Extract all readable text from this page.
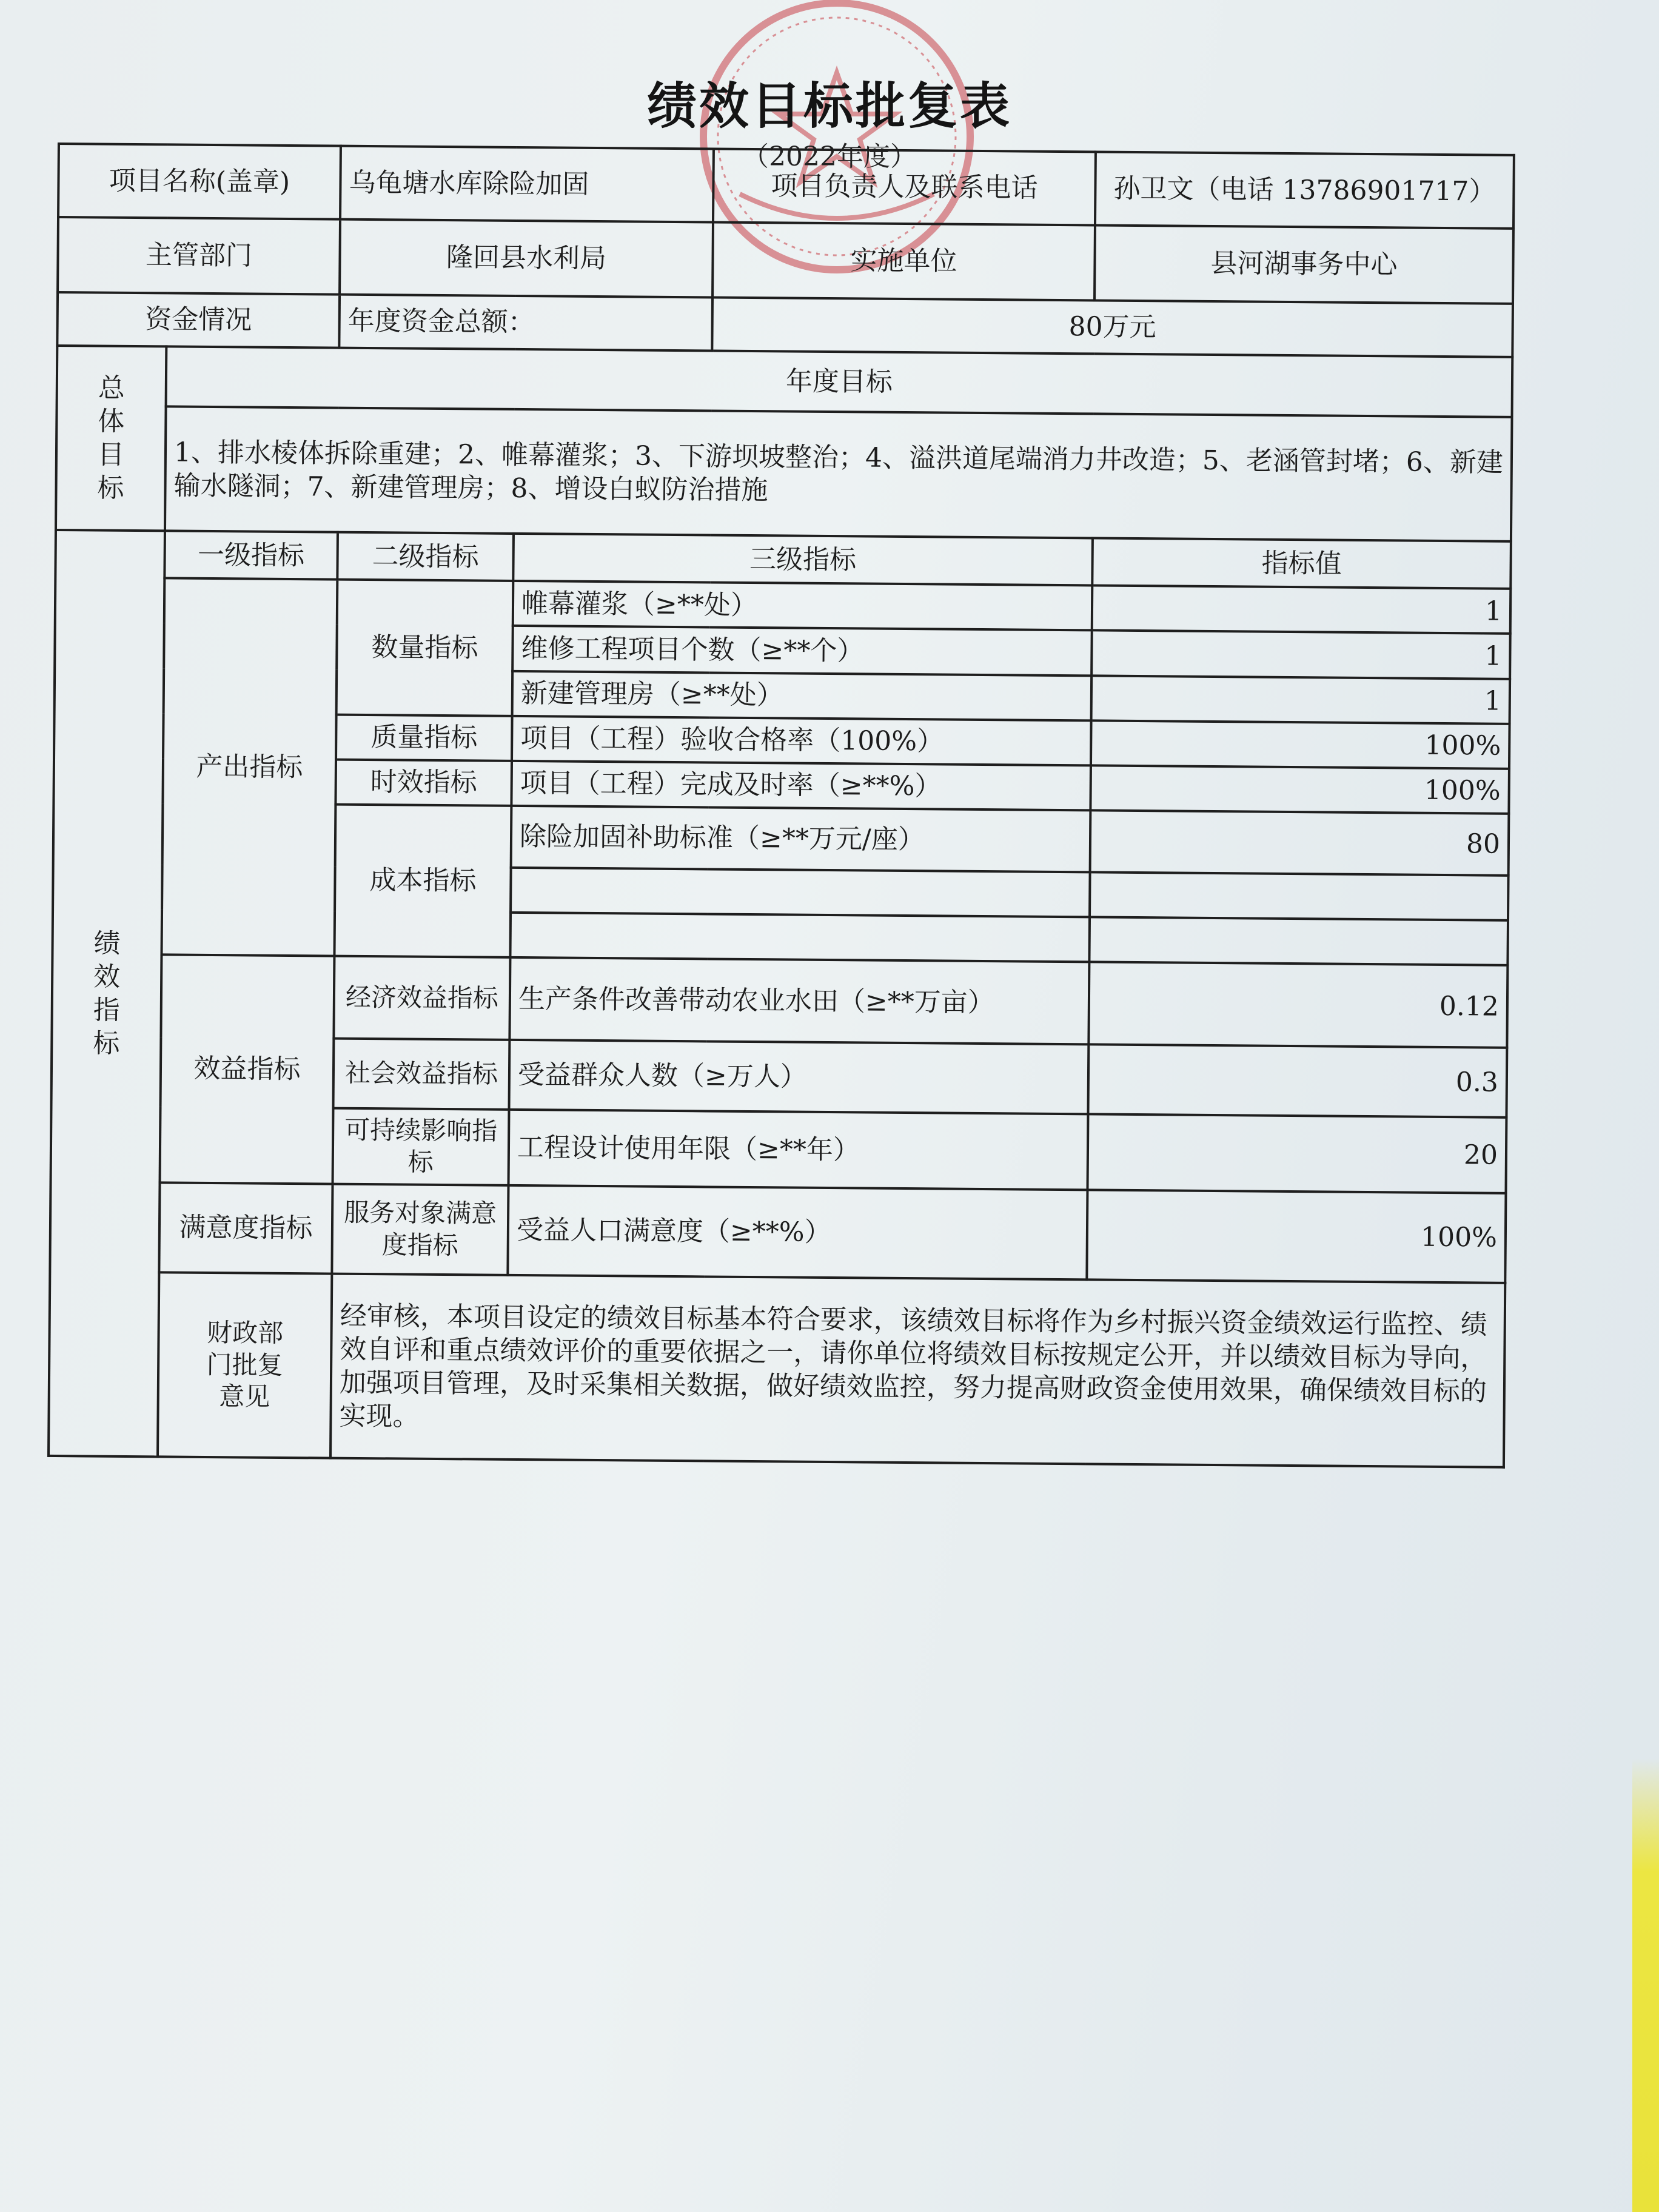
绩效目标批复表
（2022年度）
项目名称(盖章)		乌龟塘水库除险加固		项目负责人及联系电话	孙卫文（电话 13786901717）
主管部门		隆回县水利局		实施单位	县河湖事务中心
资金情况		年度资金总额：		80万元	
总体目标	年度目标				
	1、排水棱体拆除重建；2、帷幕灌浆；3、下游坝坡整治；4、溢洪道尾端消力井改造；5、老涵管封堵；6、新建输水隧洞；7、新建管理房；8、增设白蚁防治措施				
绩效指标	一级指标	二级指标	三级指标		指标值
	产出指标	数量指标	帷幕灌浆（≥**处）		1
			维修工程项目个数（≥**个）		1
			新建管理房（≥**处）		1
		质量指标	项目（工程）验收合格率（100%）		100%
		时效指标	项目（工程）完成及时率（≥**%）		100%
		成本指标	除险加固补助标准（≥**万元/座）		80

	效益指标	经济效益指标	生产条件改善带动农业水田（≥**万亩）		0.12
		社会效益指标	受益群众人数（≥万人）		0.3
		可持续影响指标	工程设计使用年限（≥**年）		20
	满意度指标	服务对象满意度指标	受益人口满意度（≥**%）		100%
	财政部门批复意见	经审核，本项目设定的绩效目标基本符合要求，该绩效目标将作为乡村振兴资金绩效运行监控、绩效自评和重点绩效评价的重要依据之一，请你单位将绩效目标按规定公开，并以绩效目标为导向，加强项目管理，及时采集相关数据，做好绩效监控，努力提高财政资金使用效果，确保绩效目标的实现。			
